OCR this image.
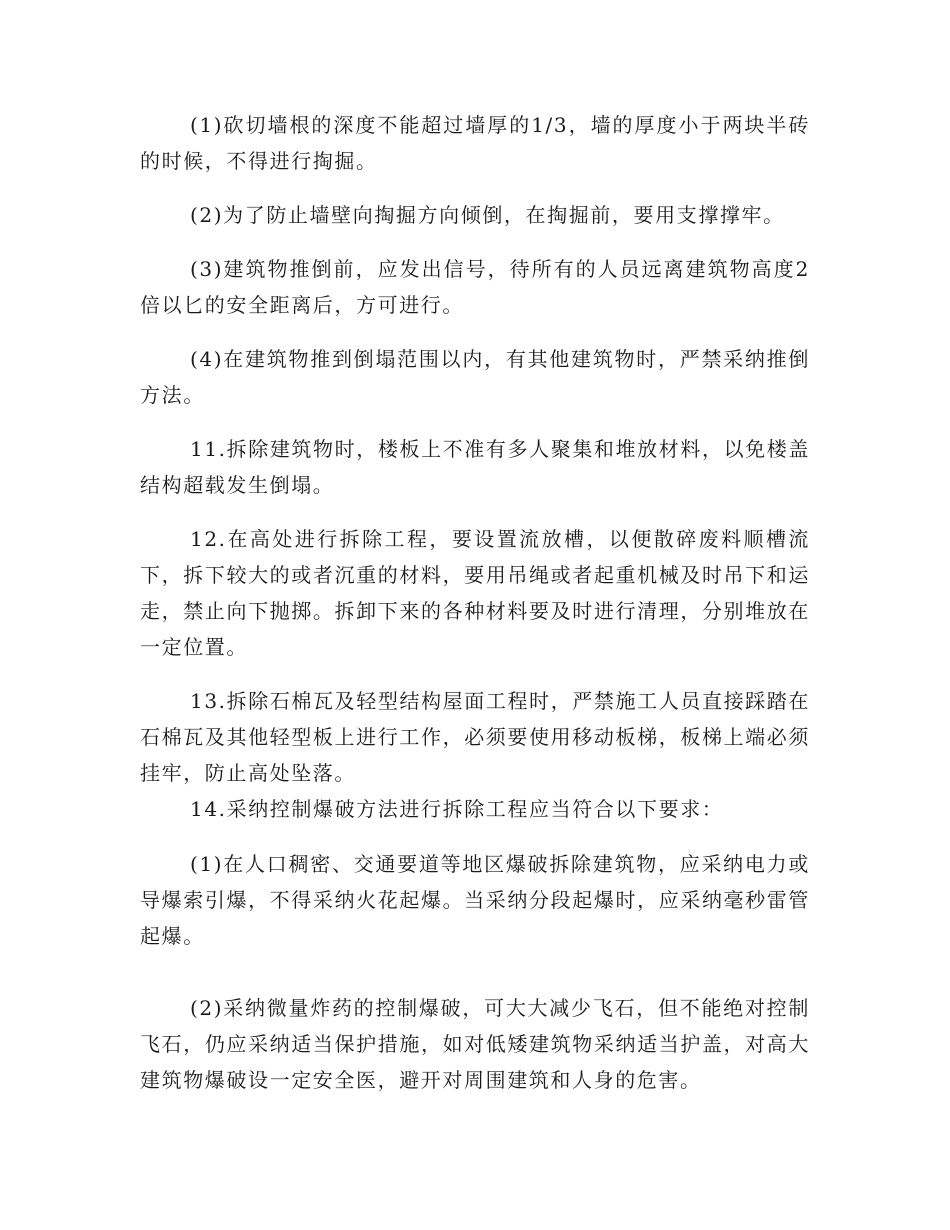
(1)砍切墙根的深度不能超过墙厚的1/3，墙的厚度小于两块半砖的时候，不得进行掏掘。

(2)为了防止墙壁向掏掘方向倾倒，在掏掘前，要用支撑撑牢。

(3)建筑物推倒前，应发出信号，待所有的人员远离建筑物高度2倍以匕的安全距离后，方可进行。

(4)在建筑物推到倒塌范围以内，有其他建筑物时，严禁采纳推倒方法。

11.拆除建筑物时，楼板上不准有多人聚集和堆放材料，以免楼盖结构超载发生倒塌。

12.在高处进行拆除工程，要设置流放槽，以便散碎废料顺槽流下，拆下较大的或者沉重的材料，要用吊绳或者起重机械及时吊下和运走，禁止向下抛掷。拆卸下来的各种材料要及时进行清理，分别堆放在一定位置。

13.拆除石棉瓦及轻型结构屋面工程时，严禁施工人员直接踩踏在石棉瓦及其他轻型板上进行工作，必须要使用移动板梯，板梯上端必须挂牢，防止高处坠落。

14.采纳控制爆破方法进行拆除工程应当符合以下要求：

(1)在人口稠密、交通要道等地区爆破拆除建筑物，应采纳电力或导爆索引爆，不得采纳火花起爆。当采纳分段起爆时，应采纳毫秒雷管起爆。

(2)采纳微量炸药的控制爆破，可大大减少飞石，但不能绝对控制飞石，仍应采纳适当保护措施，如对低矮建筑物采纳适当护盖，对高大建筑物爆破设一定安全医，避开对周围建筑和人身的危害。
